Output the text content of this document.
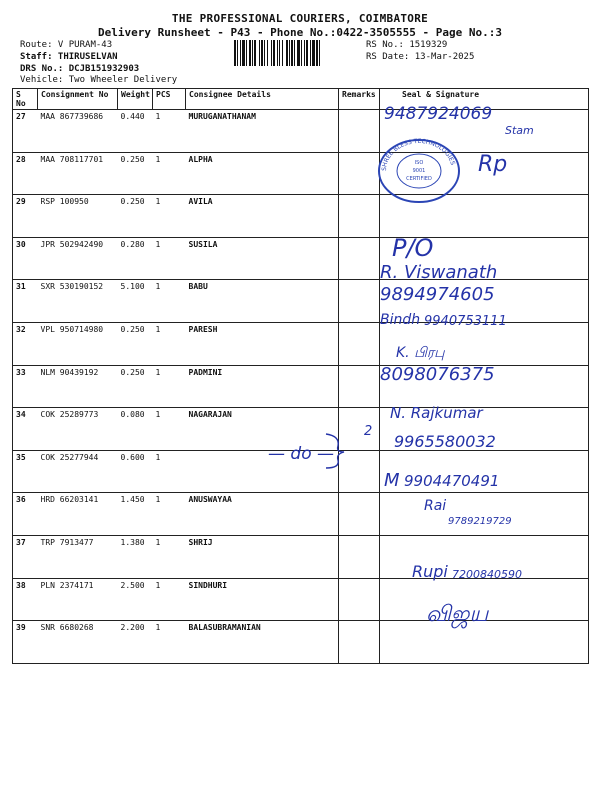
THE PROFESSIONAL COURIERS, COIMBATORE
Delivery Runsheet - P43 - Phone No.:0422-3505555 - Page No.:3
Route: V PURAM-43
Staff: THIRUSELVAN
DRS No.: DCJB151932903
Vehicle: Two Wheeler Delivery
RS No.: 1519329
RS Date: 13-Mar-2025
S No	Consignment No	Weight	PCS	Consignee Details	Remarks	Seal & Signature
27	MAA 867739686	0.440	1	MURUGANATHANAM		
28	MAA 708117701	0.250	1	ALPHA		
29	RSP 100950	0.250	1	AVILA		
30	JPR 502942490	0.280	1	SUSILA		
31	SXR 530190152	5.100	1	BABU		
32	VPL 950714980	0.250	1	PARESH		
33	NLM 90439192	0.250	1	PADMINI		
34	COK 25289773	0.080	1	NAGARAJAN		
35	COK 25277944	0.600	1			
36	HRD 66203141	1.450	1	ANUSWAYAA		
37	TRP 7913477	1.380	1	SHRIJ		
38	PLN 2374171	2.500	1	SINDHURI		
39	SNR 6680268	2.200	1	BALASUBRAMANIAN		
SHREE BLESS TECHNOLOGIES
ISO
9001
CERTIFIED
9487924069
Stam
Rp
P/O
R. Viswanath
9894974605
Bindh 9940753111
K. பிரபு
8098076375
N. Rajkumar
9965580032
— do —
2
M 9904470491
Rai
9789219729
Rupi 7200840590
விஜய
